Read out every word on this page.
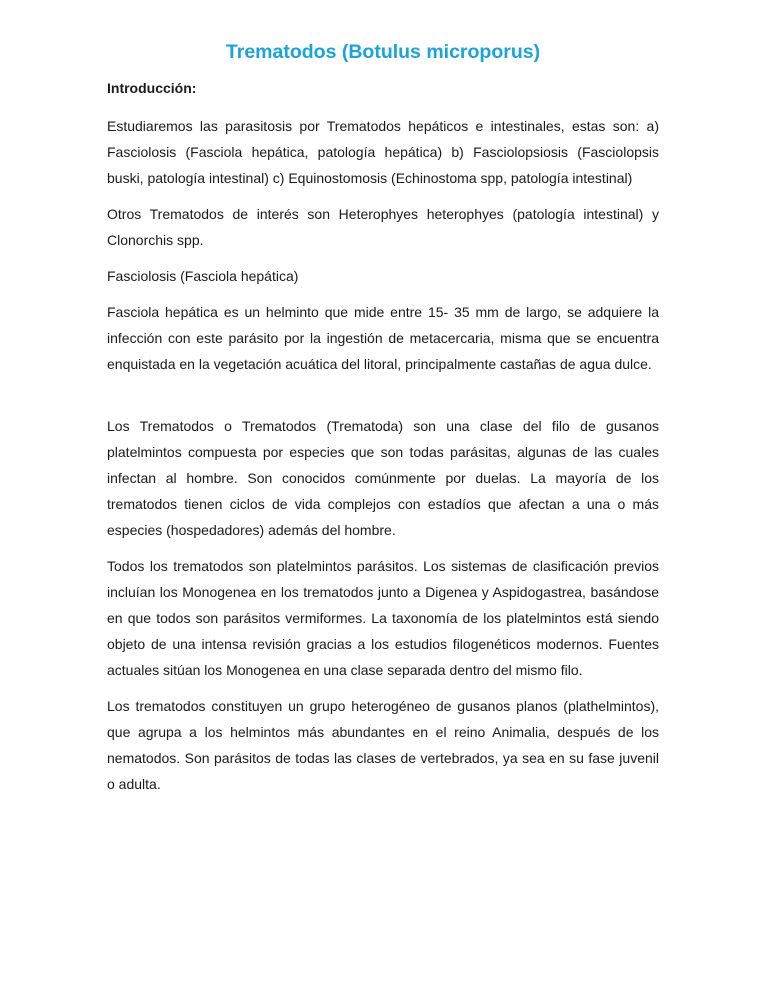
Trematodos (Botulus microporus)
Introducción:

Estudiaremos las parasitosis por Trematodos hepáticos e intestinales, estas son: a) Fasciolosis (Fasciola hepática, patología hepática) b) Fasciolopsiosis (Fasciolopsis buski, patología intestinal) c) Equinostomosis (Echinostoma spp, patología intestinal)

Otros Trematodos de interés son Heterophyes heterophyes (patología intestinal) y Clonorchis spp.

Fasciolosis (Fasciola hepática)

Fasciola hepática es un helminto que mide entre 15- 35 mm de largo, se adquiere la infección con este parásito por la ingestión de metacercaria, misma que se encuentra enquistada en la vegetación acuática del litoral, principalmente castañas de agua dulce.

Los Trematodos o Trematodos (Trematoda) son una clase del filo de gusanos platelmintos compuesta por especies que son todas parásitas, algunas de las cuales infectan al hombre. Son conocidos comúnmente por duelas. La mayoría de los trematodos tienen ciclos de vida complejos con estadíos que afectan a una o más especies (hospedadores) además del hombre.

Todos los trematodos son platelmintos parásitos. Los sistemas de clasificación previos incluían los Monogenea en los trematodos junto a Digenea y Aspidogastrea, basándose en que todos son parásitos vermiformes. La taxonomía de los platelmintos está siendo objeto de una intensa revisión gracias a los estudios filogenéticos modernos. Fuentes actuales sitúan los Monogenea en una clase separada dentro del mismo filo.

Los trematodos constituyen un grupo heterogéneo de gusanos planos (plathelmintos), que agrupa a los helmintos más abundantes en el reino Animalia, después de los nematodos. Son parásitos de todas las clases de vertebrados, ya sea en su fase juvenil o adulta.
